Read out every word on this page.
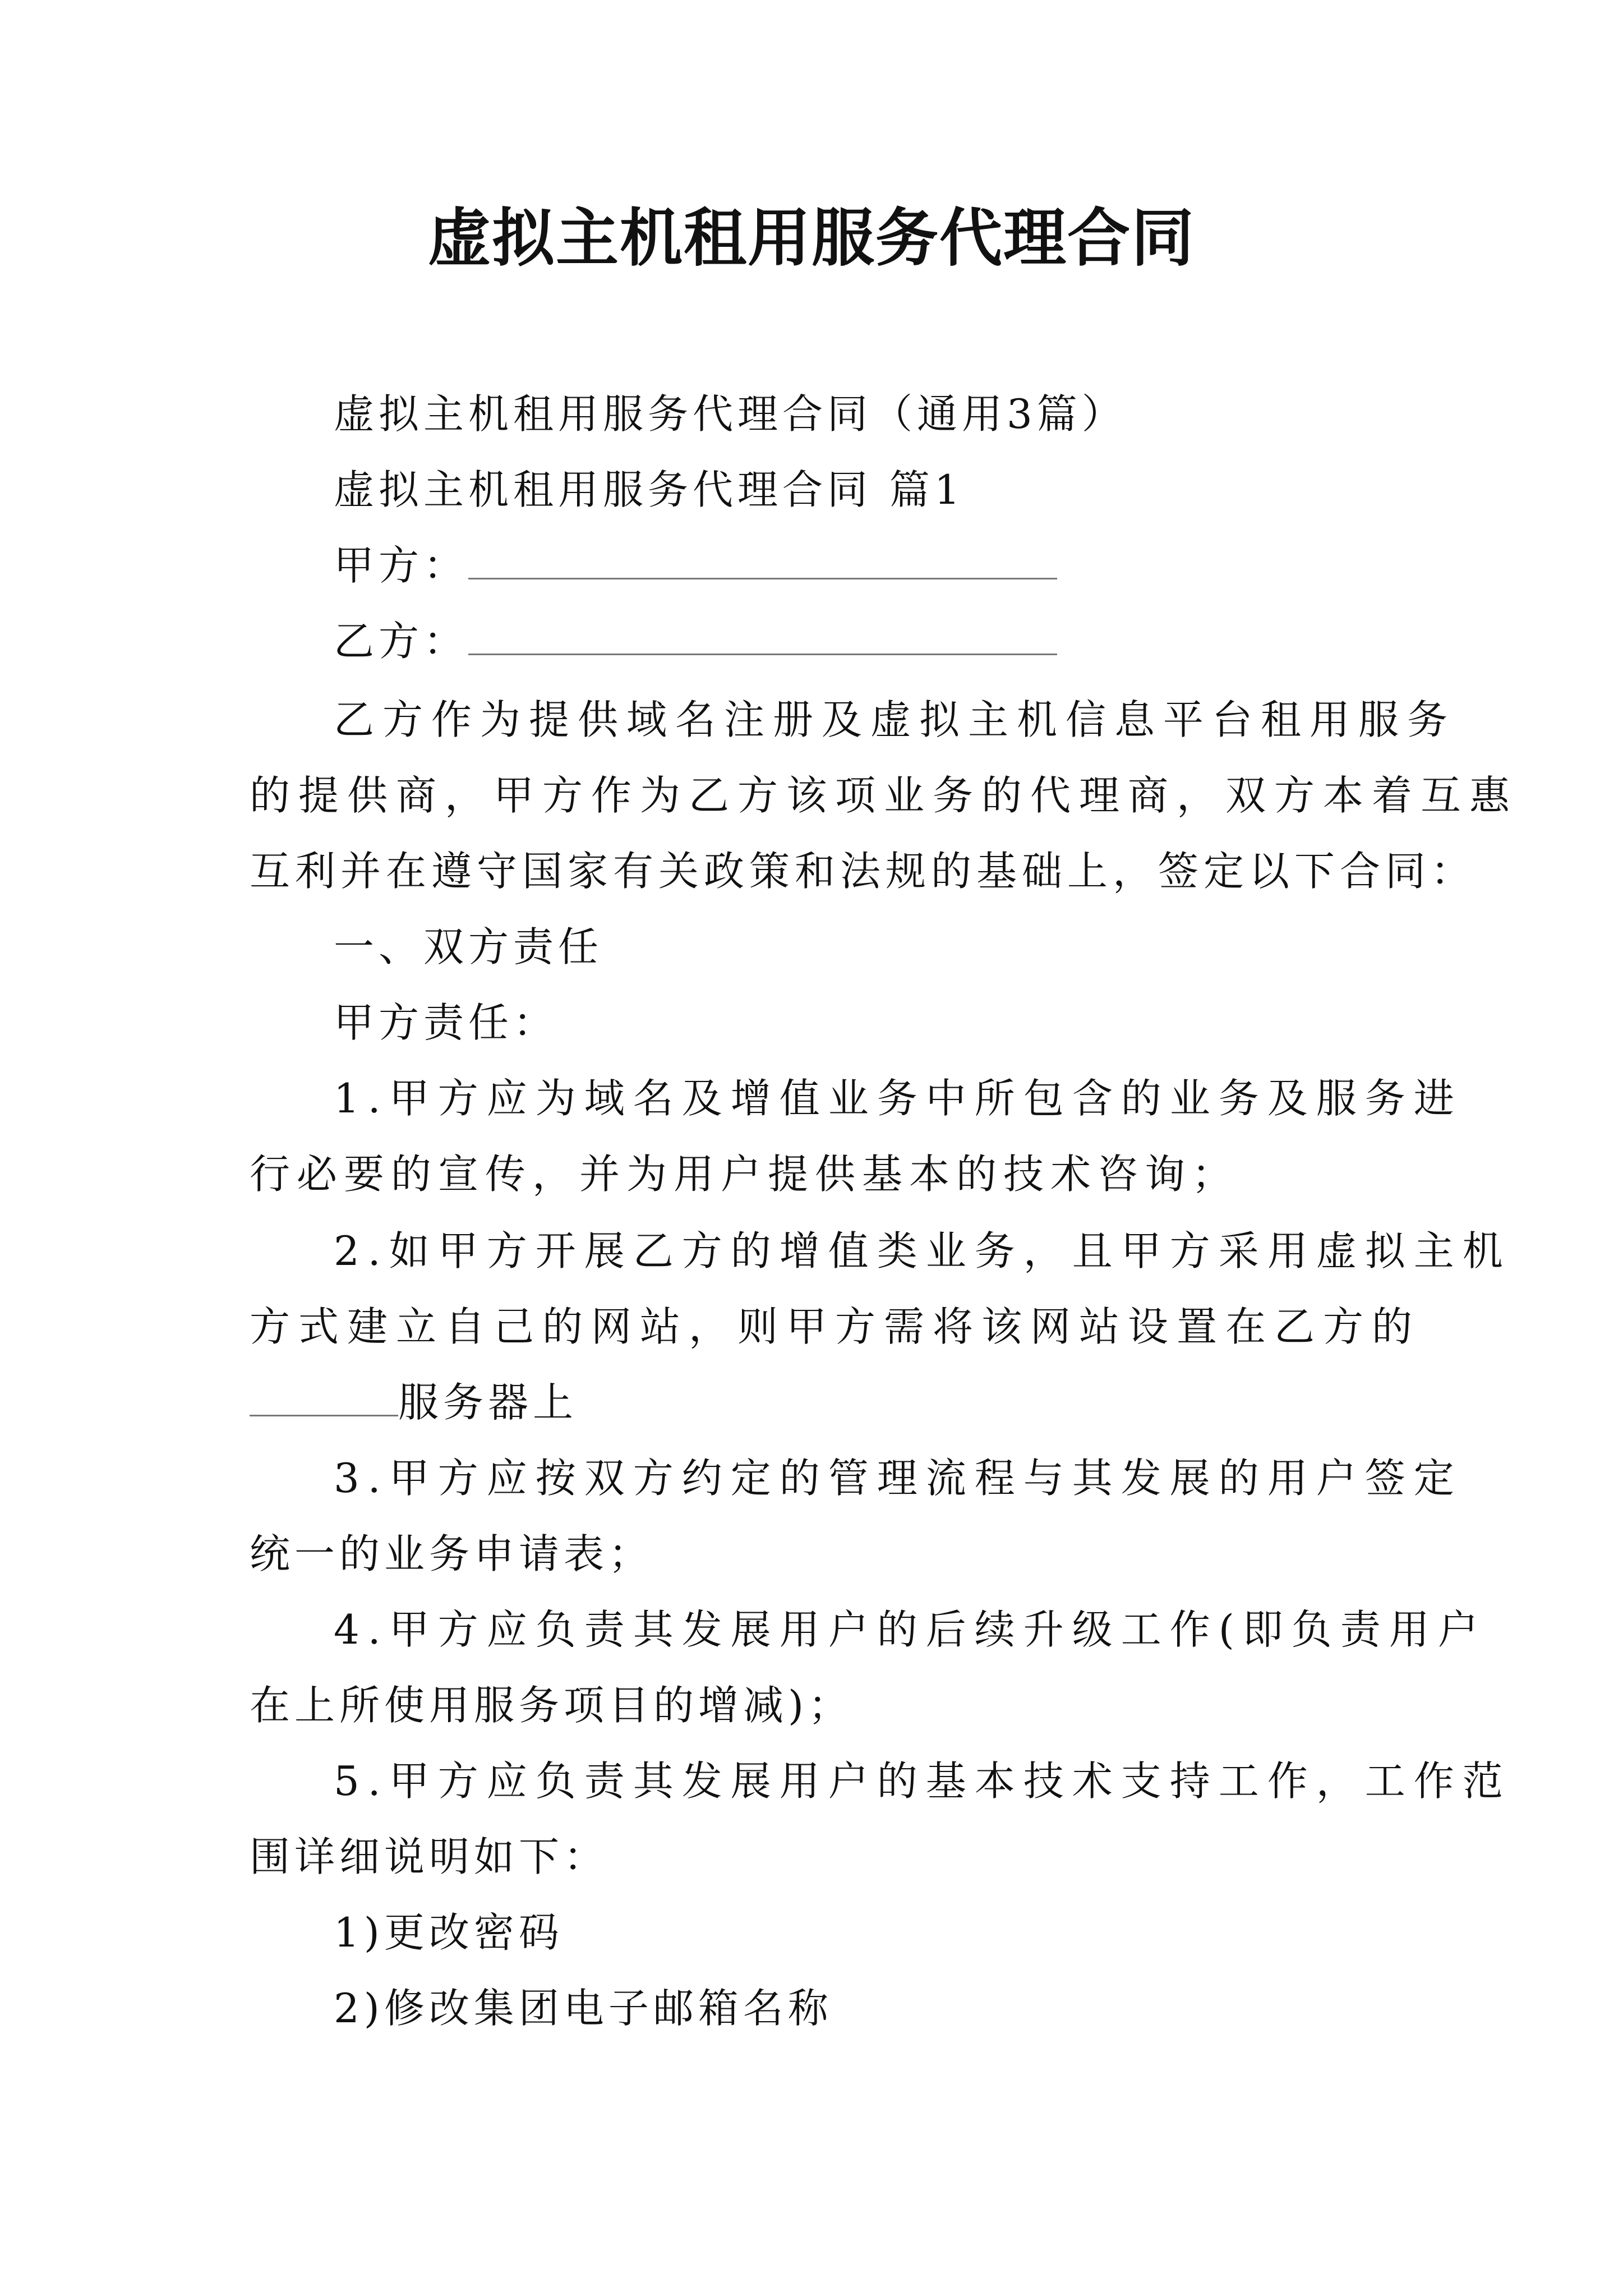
虚拟主机租用服务代理合同
虚拟主机租用服务代理合同（通用3篇）
虚拟主机租用服务代理合同 篇1
甲方：
乙方：
乙方作为提供域名注册及虚拟主机信息平台租用服务
的提供商，甲方作为乙方该项业务的代理商，双方本着互惠
互利并在遵守国家有关政策和法规的基础上，签定以下合同：
一、双方责任
甲方责任：
1.甲方应为域名及增值业务中所包含的业务及服务进
行必要的宣传，并为用户提供基本的技术咨询；
2.如甲方开展乙方的增值类业务，且甲方采用虚拟主机
方式建立自己的网站，则甲方需将该网站设置在乙方的
服务器上
3.甲方应按双方约定的管理流程与其发展的用户签定
统一的业务申请表；
4.甲方应负责其发展用户的后续升级工作(即负责用户
在上所使用服务项目的增减)；
5.甲方应负责其发展用户的基本技术支持工作，工作范
围详细说明如下：
1)更改密码
2)修改集团电子邮箱名称
